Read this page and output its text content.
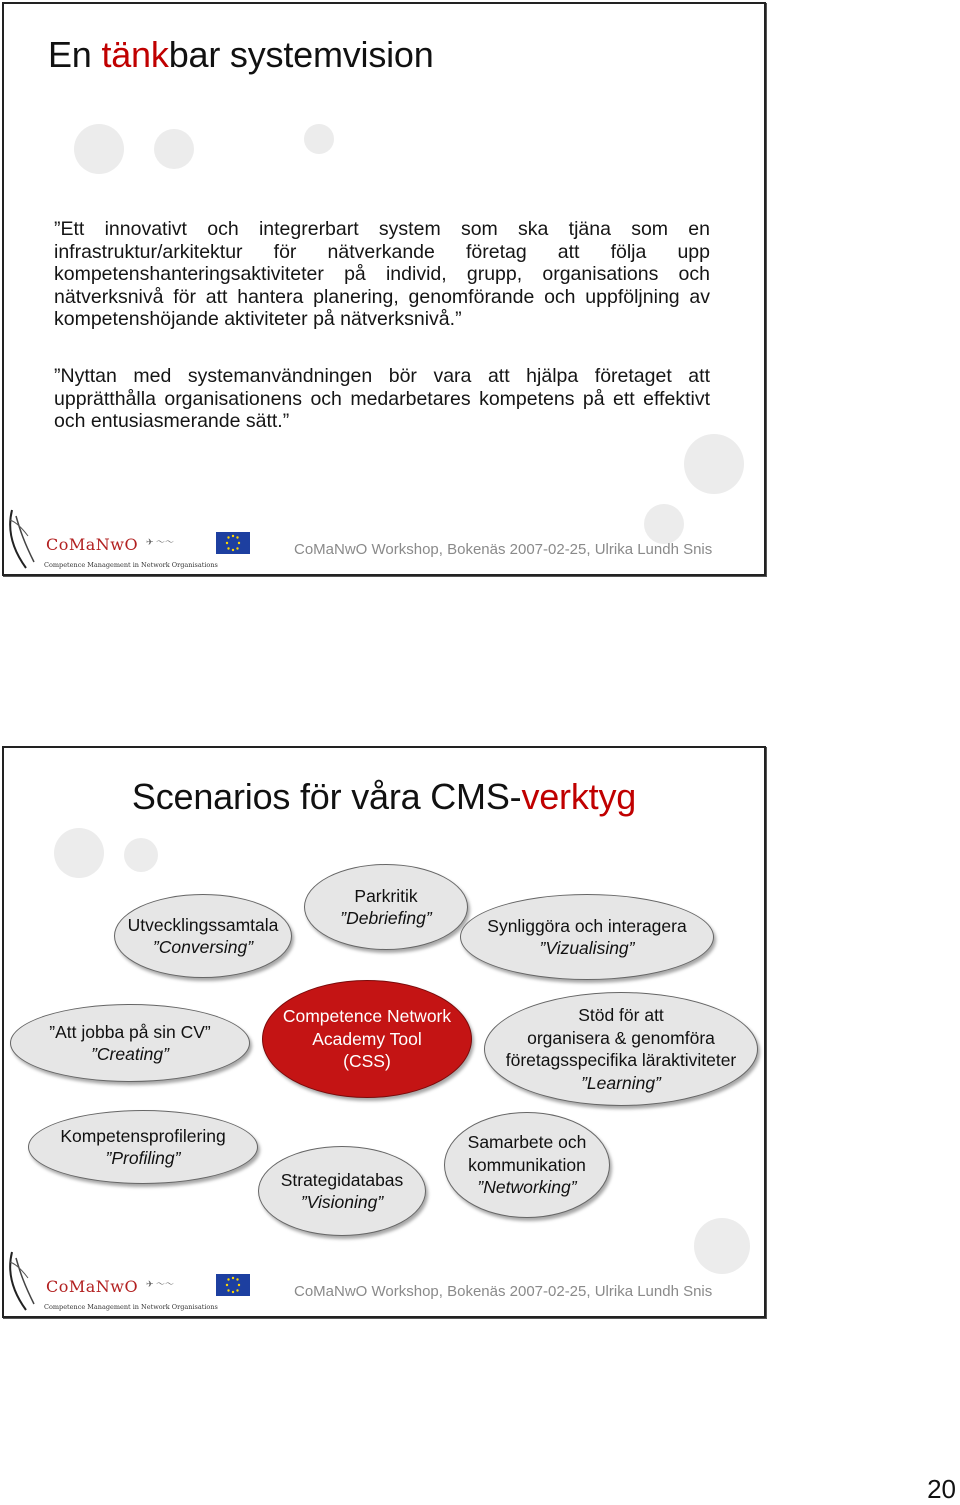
En tänkbar systemvision

”Ett innovativt och integrerbart system som ska tjäna som en infrastruktur/arkitektur för nätverkande företag att följa upp kompetenshanteringsaktiviteter på individ, grupp, organisations och nätverksnivå för att hantera planering, genomförande och uppföljning av kompetenshöjande aktiviteter på nätverksnivå.”

”Nyttan med systemanvändningen bör vara att hjälpa företaget att upprätthålla organisationens och medarbetares kompetens på ett effektivt och entusiasmerande sätt.”

CoMaNwO
Competence Management in Network Organisations
✈ ～～	CoMaNwO Workshop, Bokenäs 2007-02-25, Ulrika Lundh Snis
Scenarios för våra CMS-verktyg
Parkritik
”Debriefing”
Utvecklingssamtala
”Conversing”
Synliggöra och interagera
”Vizualising”
”Att jobba på sin CV”
”Creating”
Competence Network
Academy Tool
(CSS)
Stöd för att
organisera & genomföra
företagsspecifika läraktiviteter
”Learning”
Kompetensprofilering
”Profiling”
Strategidatabas
”Visioning”
Samarbete och
kommunikation
”Networking”
CoMaNwO
Competence Management in Network Organisations
✈ ～～	CoMaNwO Workshop, Bokenäs 2007-02-25, Ulrika Lundh Snis
20
